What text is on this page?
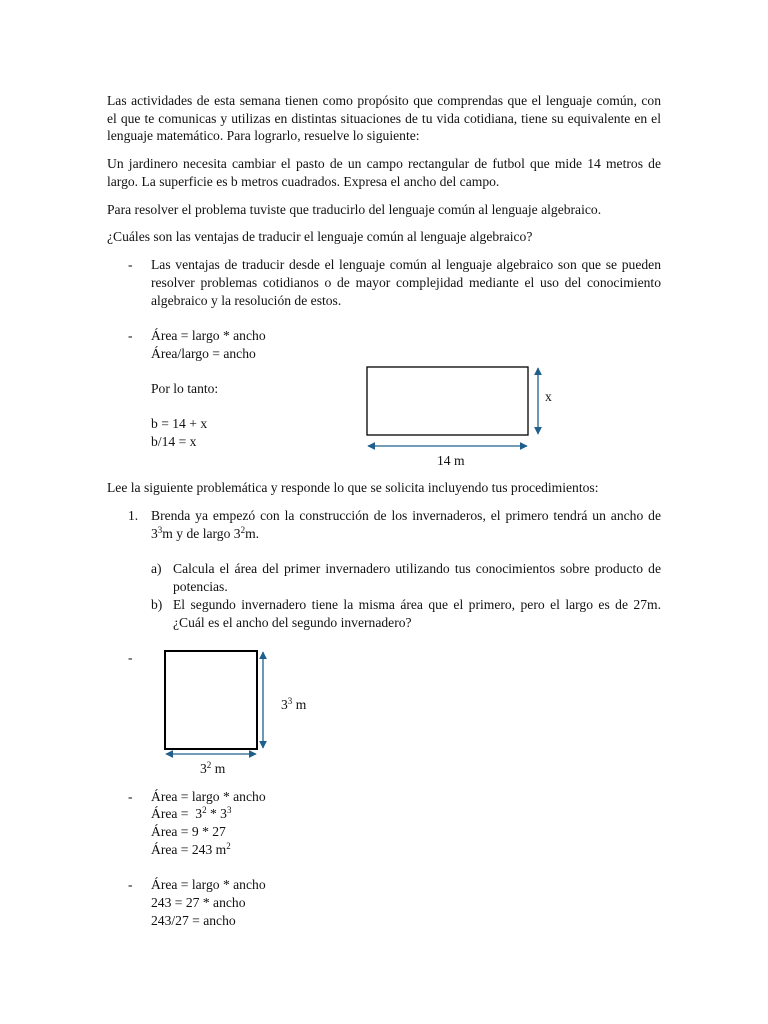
Las actividades de esta semana tienen como propósito que comprendas que el lenguaje común, con

el que te comunicas y utilizas en distintas situaciones de tu vida cotidiana, tiene su equivalente en el

lenguaje matemático. Para lograrlo, resuelve lo siguiente:

Un jardinero necesita cambiar el pasto de un campo rectangular de futbol que mide 14 metros de

largo. La superficie es b metros cuadrados. Expresa el ancho del campo.

Para resolver el problema tuviste que traducirlo del lenguaje común al lenguaje algebraico.

¿Cuáles son las ventajas de traducir el lenguaje común al lenguaje algebraico?

- Las ventajas de traducir desde el lenguaje común al lenguaje algebraico son que se pueden

resolver problemas cotidianos o de mayor complejidad mediante el uso del conocimiento

algebraico y la resolución de estos.

- Área = largo * ancho

Área/largo = ancho

Por lo tanto:

b = 14 + x

b/14 = x

x
14 m

Lee la siguiente problemática y responde lo que se solicita incluyendo tus procedimientos:

1. Brenda ya empezó con la construcción de los invernaderos, el primero tendrá un ancho de

$3^3m$ y de largo $3^2m$.

a) Calcula el área del primer invernadero utilizando tus conocimientos sobre producto de

potencias.

b) El segundo invernadero tiene la misma área que el primero, pero el largo es de 27m.

¿Cuál es el ancho del segundo invernadero?

-
$3^3$ m
$3^2$ m
- Área = largo * ancho

Área =  $3^2 * 3^3$

Área = 9 * 27

Área = 243 $m^2$

- Área = largo * ancho

243 = 27 * ancho

243/27 = ancho
